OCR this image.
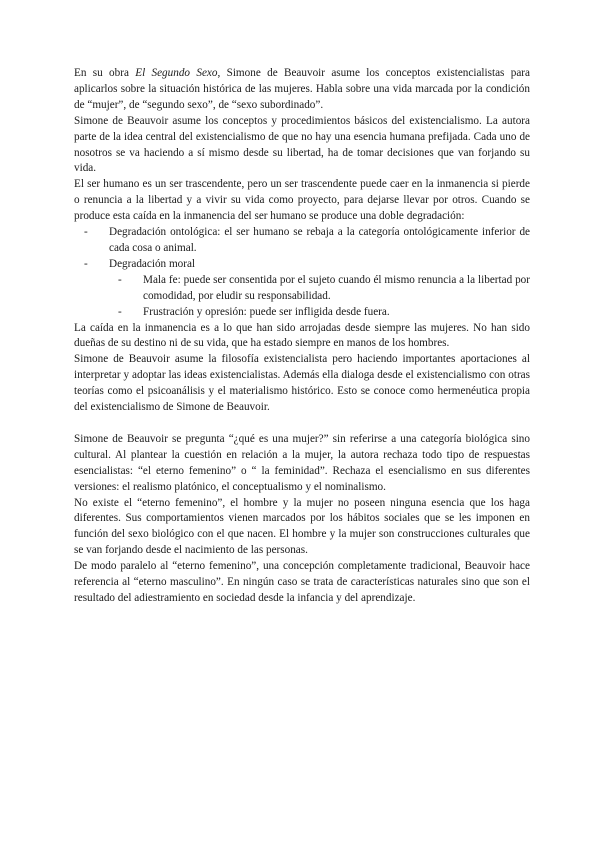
En su obra El Segundo Sexo, Simone de Beauvoir asume los conceptos existencialistas para aplicarlos sobre la situación histórica de las mujeres. Habla sobre una vida marcada por la condición de “mujer”, de “segundo sexo”, de “sexo subordinado”.

Simone de Beauvoir asume los conceptos y procedimientos básicos del existencialismo. La autora parte de la idea central del existencialismo de que no hay una esencia humana prefijada. Cada uno de nosotros se va haciendo a sí mismo desde su libertad, ha de tomar decisiones que van forjando su vida.

El ser humano es un ser trascendente, pero un ser trascendente puede caer en la inmanencia si pierde o renuncia a la libertad y a vivir su vida como proyecto, para dejarse llevar por otros. Cuando se produce esta caída en la inmanencia del ser humano se produce una doble degradación:

- Degradación ontológica: el ser humano se rebaja a la categoría ontológicamente inferior de cada cosa o animal.
- Degradación moral
- Mala fe: puede ser consentida por el sujeto cuando él mismo renuncia a la libertad por comodidad, por eludir su responsabilidad.
- Frustración y opresión: puede ser infligida desde fuera.

La caída en la inmanencia es a lo que han sido arrojadas desde siempre las mujeres. No han sido dueñas de su destino ni de su vida, que ha estado siempre en manos de los hombres.

Simone de Beauvoir asume la filosofía existencialista pero haciendo importantes aportaciones al interpretar y adoptar las ideas existencialistas. Además ella dialoga desde el existencialismo con otras teorías como el psicoanálisis y el materialismo histórico. Esto se conoce como hermenéutica propia del existencialismo de Simone de Beauvoir.

Simone de Beauvoir se pregunta “¿qué es una mujer?” sin referirse a una categoría biológica sino cultural. Al plantear la cuestión en relación a la mujer, la autora rechaza todo tipo de respuestas esencialistas: “el eterno femenino” o “ la feminidad”. Rechaza el esencialismo en sus diferentes versiones: el realismo platónico, el conceptualismo y el nominalismo.

No existe el “eterno femenino”, el hombre y la mujer no poseen ninguna esencia que los haga diferentes. Sus comportamientos vienen marcados por los hábitos sociales que se les imponen en función del sexo biológico con el que nacen. El hombre y la mujer son construcciones culturales que se van forjando desde el nacimiento de las personas.

De modo paralelo al “eterno femenino”, una concepción completamente tradicional, Beauvoir hace referencia al “eterno masculino”. En ningún caso se trata de características naturales sino que son el resultado del adiestramiento en sociedad desde la infancia y del aprendizaje.
